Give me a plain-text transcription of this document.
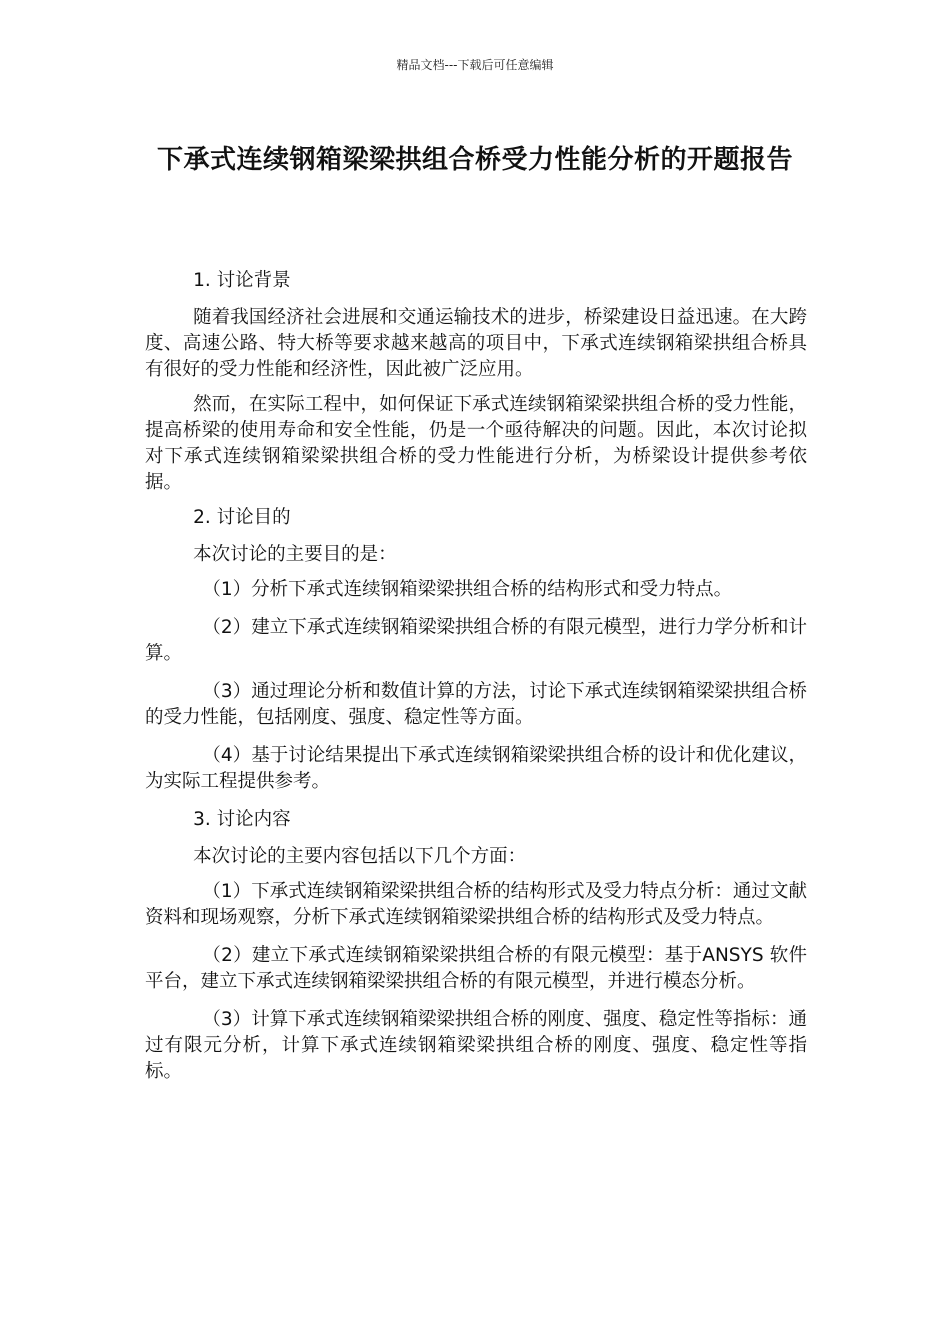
精品文档---下载后可任意编辑
下承式连续钢箱梁梁拱组合桥受力性能分析的开题报告

1. 讨论背景

随着我国经济社会进展和交通运输技术的进步，桥梁建设日益迅速。在大跨度、高速公路、特大桥等要求越来越高的项目中，下承式连续钢箱梁拱组合桥具有很好的受力性能和经济性，因此被广泛应用。

然而，在实际工程中，如何保证下承式连续钢箱梁梁拱组合桥的受力性能，提高桥梁的使用寿命和安全性能，仍是一个亟待解决的问题。因此，本次讨论拟对下承式连续钢箱梁梁拱组合桥的受力性能进行分析，为桥梁设计提供参考依据。

2. 讨论目的

本次讨论的主要目的是：

（1）分析下承式连续钢箱梁梁拱组合桥的结构形式和受力特点。

（2）建立下承式连续钢箱梁梁拱组合桥的有限元模型，进行力学分析和计算。

（3）通过理论分析和数值计算的方法，讨论下承式连续钢箱梁梁拱组合桥的受力性能，包括刚度、强度、稳定性等方面。

（4）基于讨论结果提出下承式连续钢箱梁梁拱组合桥的设计和优化建议，为实际工程提供参考。

3. 讨论内容

本次讨论的主要内容包括以下几个方面：

（1）下承式连续钢箱梁梁拱组合桥的结构形式及受力特点分析：通过文献资料和现场观察，分析下承式连续钢箱梁梁拱组合桥的结构形式及受力特点。

（2）建立下承式连续钢箱梁梁拱组合桥的有限元模型：基于ANSYS 软件平台，建立下承式连续钢箱梁梁拱组合桥的有限元模型，并进行模态分析。

（3）计算下承式连续钢箱梁梁拱组合桥的刚度、强度、稳定性等指标：通过有限元分析，计算下承式连续钢箱梁梁拱组合桥的刚度、强度、稳定性等指标。
